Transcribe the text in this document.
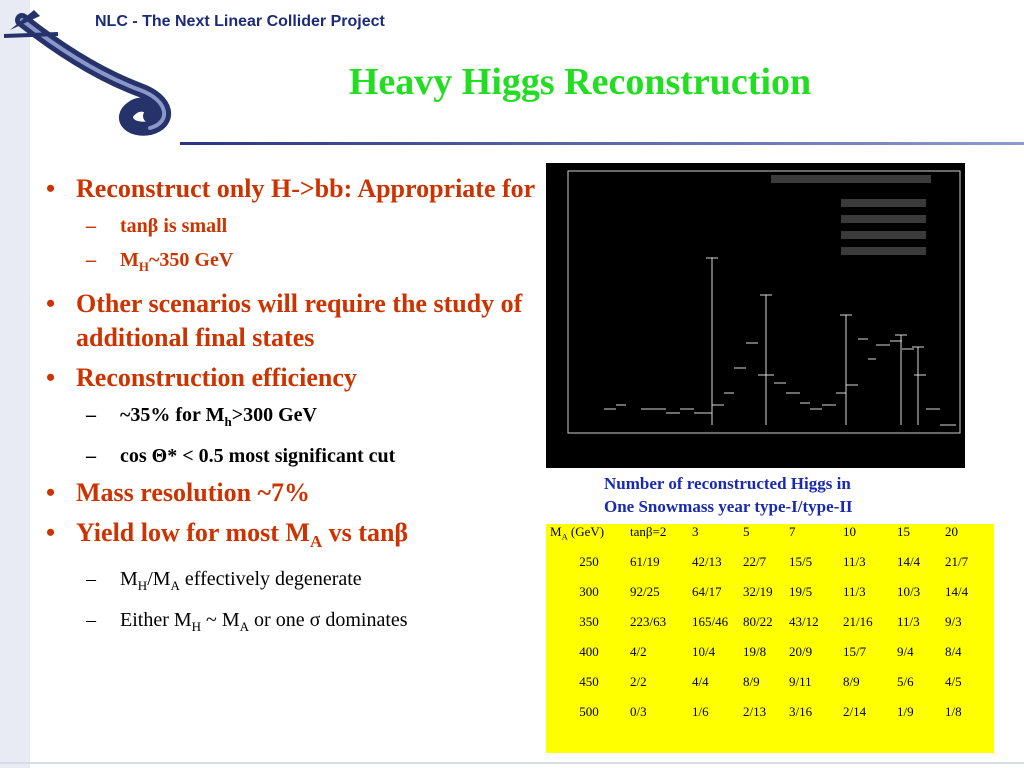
NLC - The Next Linear Collider Project
Heavy Higgs Reconstruction
• Reconstruct only H->bb: Appropriate for
– tanβ is small
– $M_H\sim 350$ GeV
• Other scenarios will require the study of additional final states
• Reconstruction efficiency
– ~35% for $M_h>300$ GeV
– cos Θ* < 0.5 most significant cut
• Mass resolution ~7%
• Yield low for most $M_A$ vs tanβ
– $M_H/M_A$ effectively degenerate
– Either $M_H$ ~ $M_A$ or one σ dominates
Number of reconstructed Higgs in
One Snowmass year type-I/type-II
$M_A$ (GeV)	tanβ=2	3	5	7	10	15	20
250	61/19	42/13	22/7	15/5	11/3	14/4	21/7
300	92/25	64/17	32/19	19/5	11/3	10/3	14/4
350	223/63	165/46	80/22	43/12	21/16	11/3	9/3
400	4/2	10/4	19/8	20/9	15/7	9/4	8/4
450	2/2	4/4	8/9	9/11	8/9	5/6	4/5
500	0/3	1/6	2/13	3/16	2/14	1/9	1/8
